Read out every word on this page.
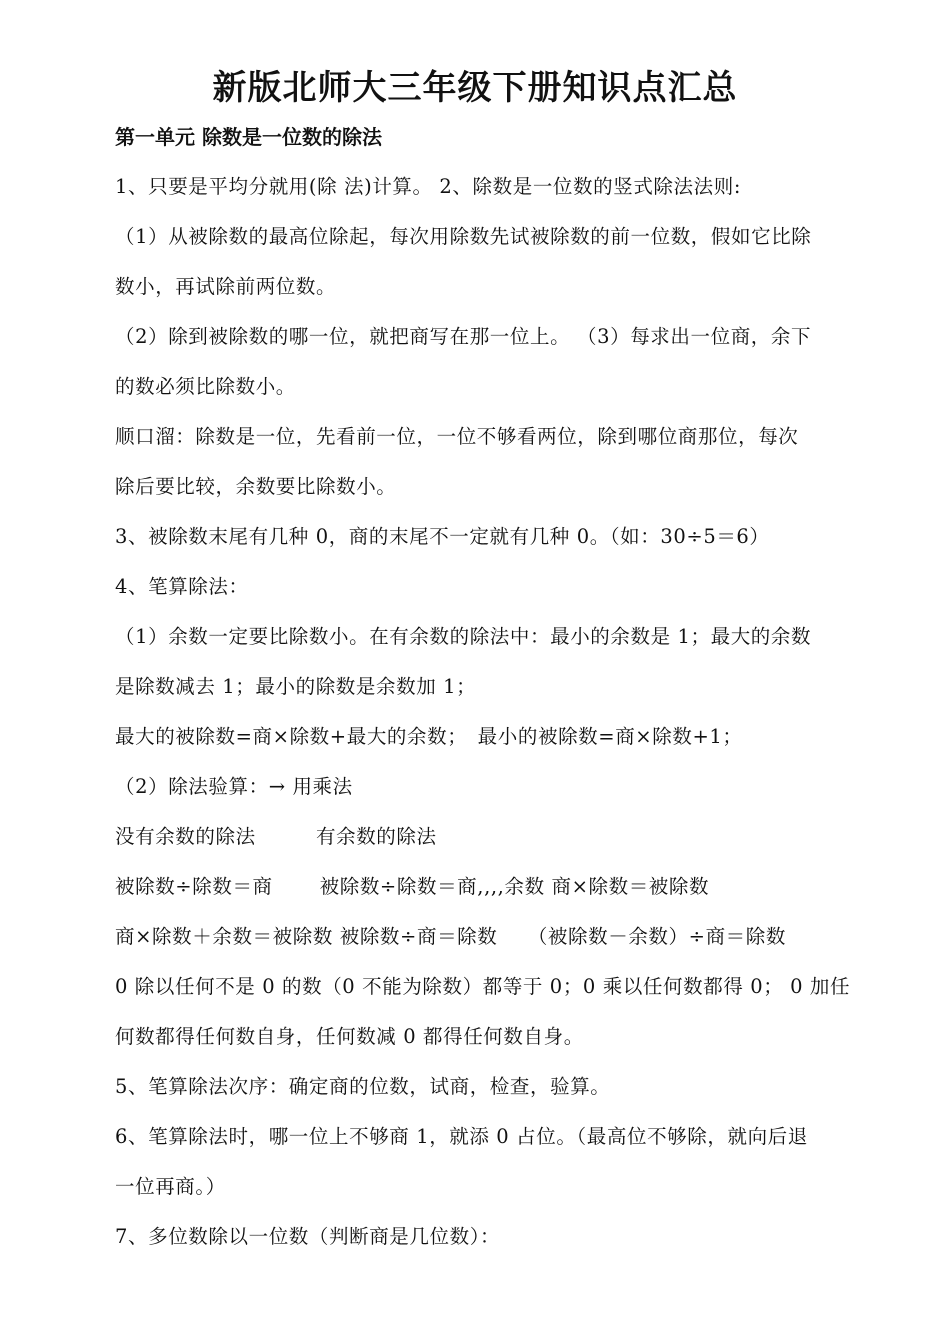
新版北师大三年级下册知识点汇总
第一单元 除数是一位数的除法
1、只要是平均分就用(除 法)计算。 2、除数是一位数的竖式除法法则:
（1）从被除数的最高位除起，每次用除数先试被除数的前一位数，假如它比除
数小，再试除前两位数。
（2）除到被除数的哪一位，就把商写在那一位上。 （3）每求出一位商，余下
的数必须比除数小。
顺口溜：除数是一位，先看前一位，一位不够看两位，除到哪位商那位，每次
除后要比较，余数要比除数小。
3、被除数末尾有几种 0，商的末尾不一定就有几种 0。（如：30÷5＝6）
4、笔算除法：
（1）余数一定要比除数小。在有余数的除法中：最小的余数是 1；最大的余数
是除数减去 1；最小的除数是余数加 1；
最大的被除数=商×除数+最大的余数；　最小的被除数=商×除数+1；
（2）除法验算：→ 用乘法
没有余数的除法　　　有余数的除法
被除数÷除数＝商　　 被除数÷除数＝商,,,,余数 商×除数＝被除数
商×除数＋余数＝被除数 被除数÷商＝除数　　（被除数－余数）÷商＝除数
0 除以任何不是 0 的数（0 不能为除数）都等于 0；0 乘以任何数都得 0； 0 加任
何数都得任何数自身，任何数减 0 都得任何数自身。
5、笔算除法次序：确定商的位数，试商，检查，验算。
6、笔算除法时，哪一位上不够商 1，就添 0 占位。（最高位不够除，就向后退
一位再商。）
7、多位数除以一位数（判断商是几位数）：
